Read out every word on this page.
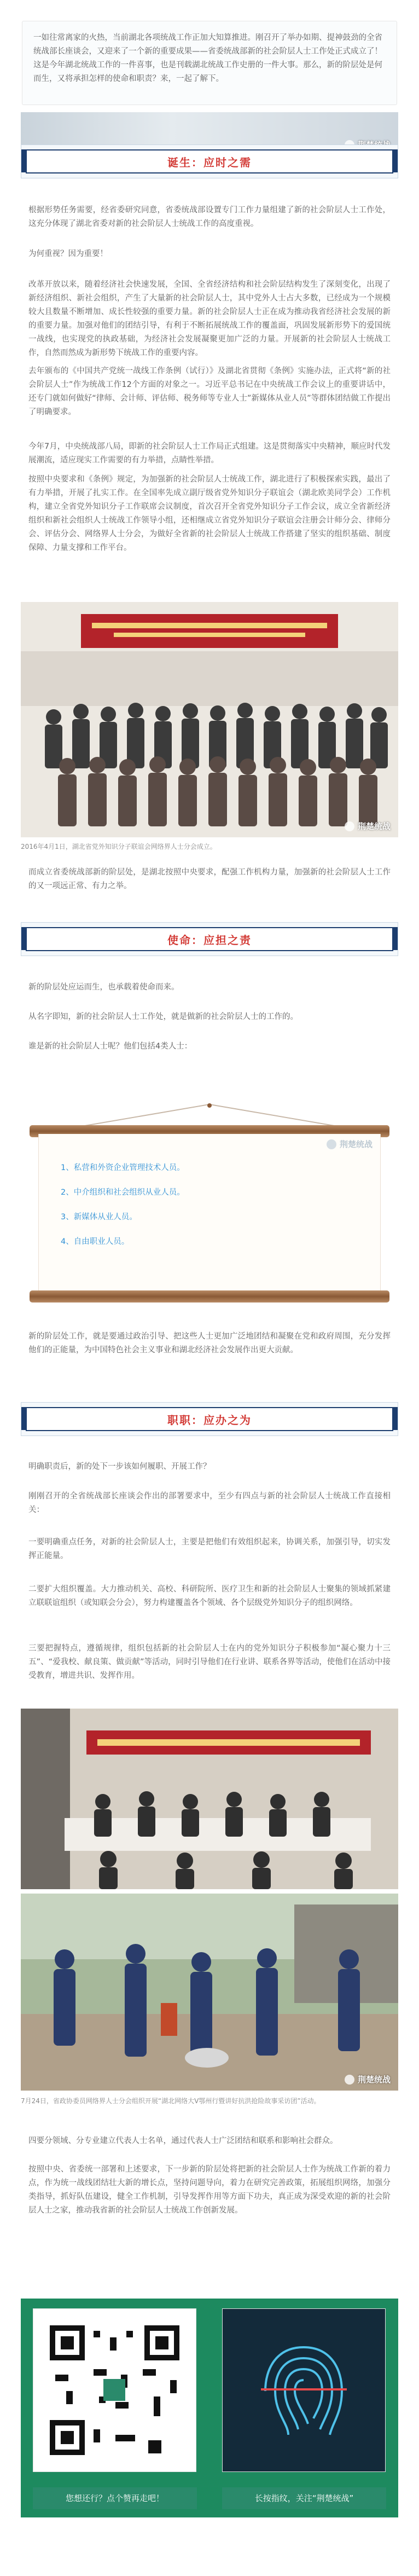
一如往常离家的火热，当前湖北各项统战工作正加大知算推进。刚召开了举办如期、提神鼓劲的全省统战部长座谈会，又迎来了一个新的重要成果——省委统战部新的社会阶层人士工作处正式成立了！这是今年湖北统战工作的一件喜事，也是刊载湖北统战工作史册的一件大事。那么，新的阶层处是何而生，又将承担怎样的使命和职责？来，一起了解下。

诞生：应时之需
根据形势任务需要，经省委研究同意，省委统战部设置专门工作力量组建了新的社会阶层人士工作处，这充分体现了湖北省委对新的社会阶层人士统战工作的高度重视。
为何重视？因为重要！
改革开放以来，随着经济社会快速发展，全国、全省经济结构和社会阶层结构发生了深刻变化，出现了新经济组织、新社会组织，产生了大量新的社会阶层人士，其中党外人士占大多数，已经成为一个规模较大且数量不断增加、成长性较强的重要力量。新的社会阶层人士正在成为推动我省经济社会发展的新的重要力量。加强对他们的团结引导，有利于不断拓展统战工作的覆盖面，巩固发展新形势下的爱国统一战线，也实现党的执政基础，为经济社会发展凝聚更加广泛的力量。开展新的社会阶层人士统战工作，自然而然成为新形势下统战工作的重要内容。
去年颁布的《中国共产党统一战线工作条例（试行）》及湖北省贯彻《条例》实施办法，正式将“新的社会阶层人士”作为统战工作12个方面的对象之一。习近平总书记在中央统战工作会议上的重要讲话中，还专门就如何做好“律师、会计师、评估师、税务师等专业人士”新媒体从业人员”等群体团结做工作提出了明确要求。
今年7月，中央统战部八局，即新的社会阶层人士工作局正式组建。这是贯彻落实中央精神，顺应时代发展潮流，适应现实工作需要的有力举措，点睛性举措。
按照中央要求和《条例》规定，为加强新的社会阶层人士统战工作，湖北进行了积极探索实践，最出了有力举措，开展了扎实工作。在全国率先成立副厅级省党外知识分子联谊会（湖北欧美同学会）工作机构，建立全省党外知识分子工作联席会议制度，首次召开全省党外知识分子工作会议，成立全省新经济组织和新社会组织人士统战工作领导小组，还相继成立省党外知识分子联谊会注册会计师分会、律师分会、评估分会、网络界人士分会，为做好全省新的社会阶层人士统战工作搭建了坚实的组织基础、制度保障、力量支撑和工作平台。
荆楚统战
2016年4月1日，湖北省党外知识分子联谊会网络界人士分会成立。
而成立省委统战部新的阶层处，是湖北按照中央要求，配强工作机构力量，加强新的社会阶层人士工作的又一项远正常、有力之举。
使命：应担之责
新的阶层处应运而生，也承载着使命而来。
从名字即知，新的社会阶层人士工作处，就是做新的社会阶层人士的工作的。
谁是新的社会阶层人士呢？他们包括4类人士：
1、私营和外资企业管理技术人员。
2、中介组织和社会组织从业人员。
3、新媒体从业人员。
4、自由职业人员。
荆楚统战
新的阶层处工作，就是要通过政治引导、把这些人士更加广泛地团结和凝聚在党和政府周围，充分发挥他们的正能量，为中国特色社会主义事业和湖北经济社会发展作出更大贡献。
职职：应办之为
明确职责后，新的处下一步该如何履职、开展工作？
刚刚召开的全省统战部长座谈会作出的部署要求中，至少有四点与新的社会阶层人士统战工作直接相关：
一要明确重点任务，对新的社会阶层人士，主要是把他们有效组织起来，协调关系，加强引导，切实发挥正能量。
二要扩大组织覆盖。大力推动机关、高校、科研院所、医疗卫生和新的社会阶层人士聚集的领域抓紧建立联联谊组织（或知联会分会），努力构建覆盖各个领域、各个层级党外知识分子的组织网络。
三要把握特点，遵循规律，组织包括新的社会阶层人士在内的党外知识分子积极参加“凝心聚力十三五”、“爱我校、献良策、做贡献”等活动，同时引导他们在行业讲、联系各界等活动，使他们在活动中接受教育，增进共识、发挥作用。
荆楚统战
7月24日，省政协委员网络界人士分会组织开展“湖北网络大V鄂州行暨讲好抗洪抢险故事采访团”活动。
四要分领域、分专业建立代表人士名单，通过代表人士广泛团结和联系和影响社会群众。
按照中央、省委统一部署和上述要求，下一步新的阶层处将把新的社会阶层人士作为统战工作新的着力点，作为统一战线团结壮大新的增长点，坚持问题导向，着力在研究完善政策，拓展组织网络，加强分类指导，抓好队伍建设，健全工作机制，引导发挥作用等方面下功夫，真正成为深受欢迎的新的社会阶层人士之家，推动我省新的社会阶层人士统战工作创新发展。
您想还行？点个赞再走吧！	长按指纹，关注“荆楚统战”
